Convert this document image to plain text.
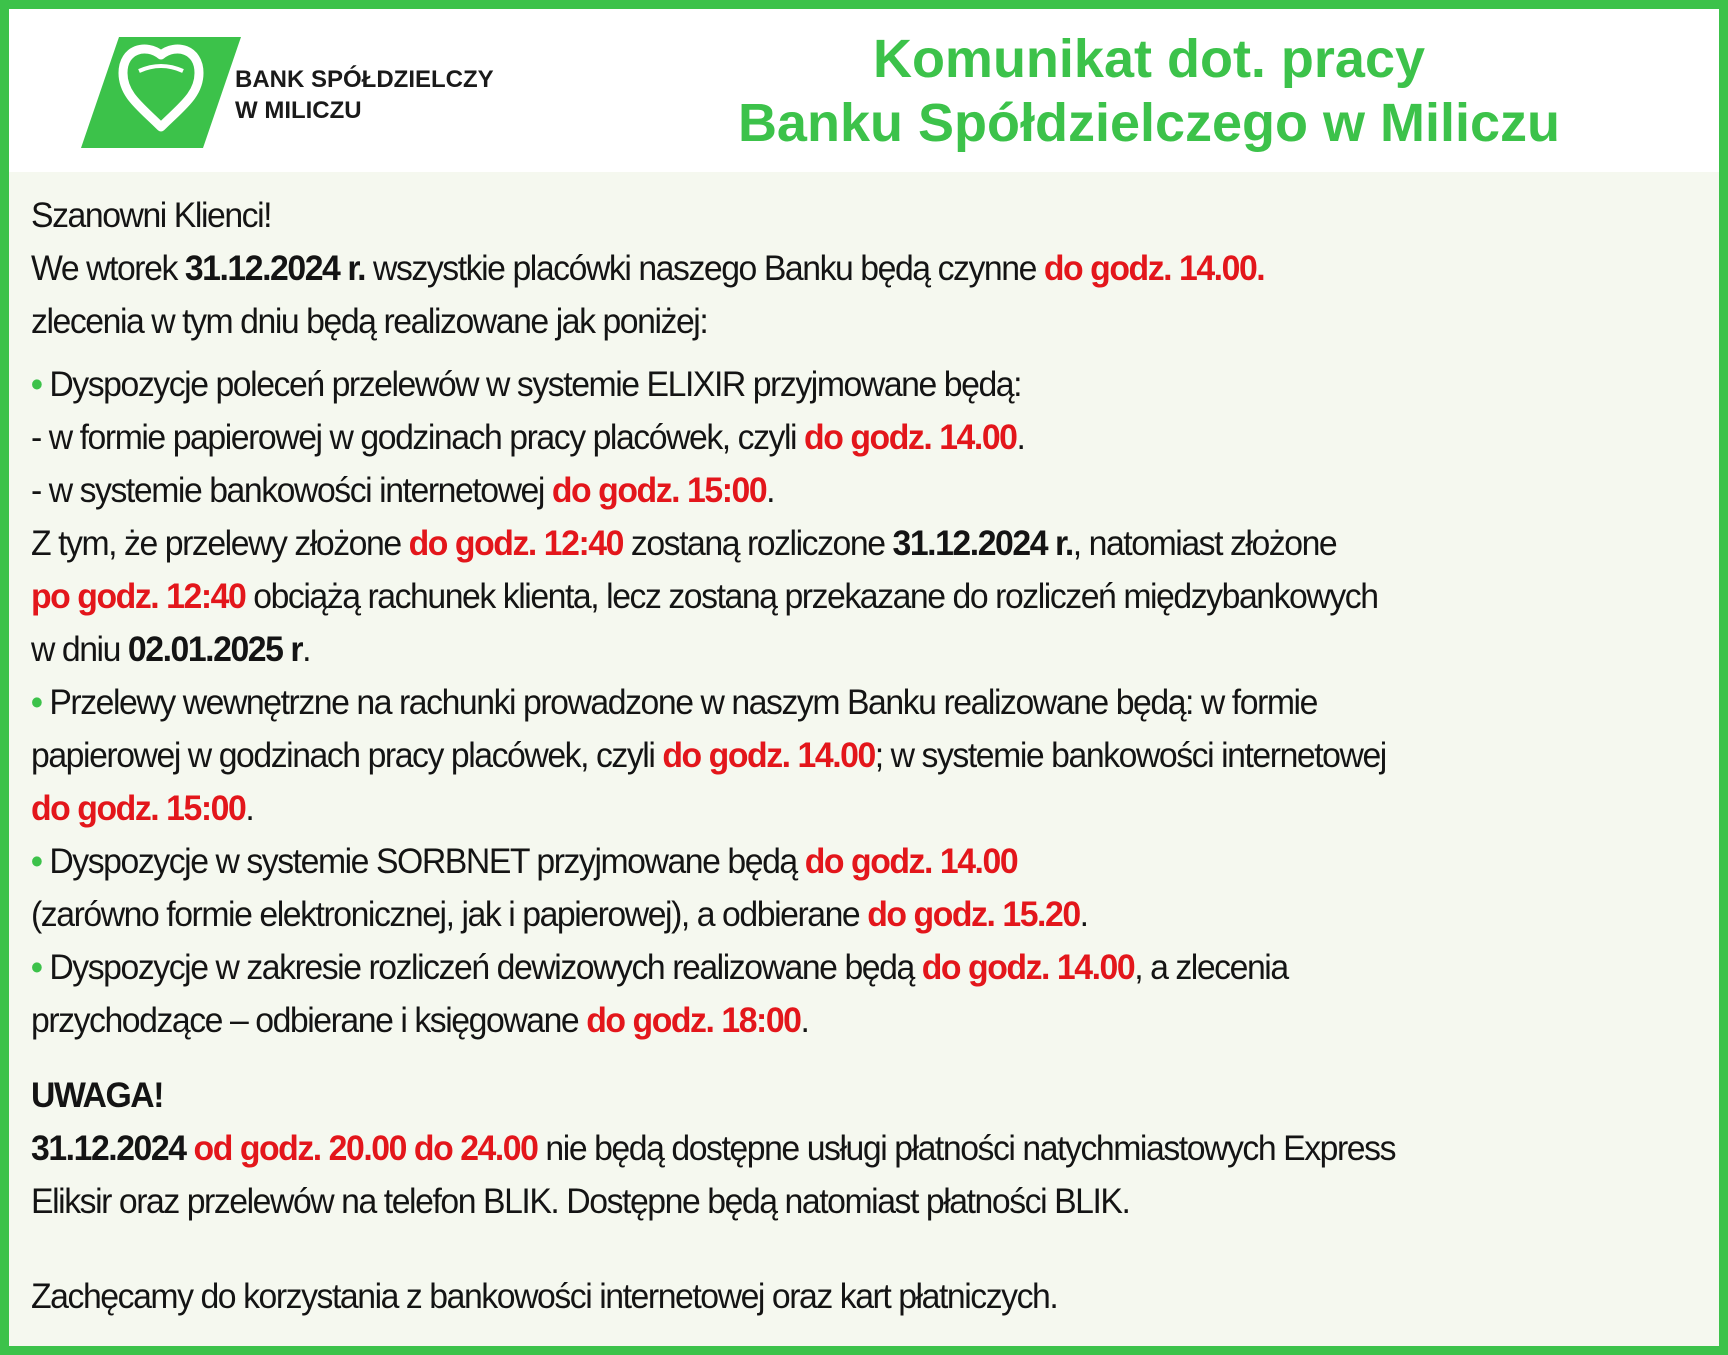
BANK SPÓŁDZIELCZY
W MILICZU
Komunikat dot. pracy
Banku Spółdzielczego w Miliczu
Szanowni Klienci!
We wtorek 31.12.2024 r. wszystkie placówki naszego Banku będą czynne do godz. 14.00.
zlecenia w tym dniu będą realizowane jak poniżej:
• Dyspozycje poleceń przelewów w systemie ELIXIR przyjmowane będą:
- w formie papierowej w godzinach pracy placówek, czyli do godz. 14.00.
- w systemie bankowości internetowej do godz. 15:00.
Z tym, że przelewy złożone do godz. 12:40 zostaną rozliczone 31.12.2024 r., natomiast złożone
po godz. 12:40 obciążą rachunek klienta, lecz zostaną przekazane do rozliczeń międzybankowych
w dniu 02.01.2025 r.
• Przelewy wewnętrzne na rachunki prowadzone w naszym Banku realizowane będą: w formie
papierowej w godzinach pracy placówek, czyli do godz. 14.00; w systemie bankowości internetowej
do godz. 15:00.
• Dyspozycje w systemie SORBNET przyjmowane będą do godz. 14.00
(zarówno formie elektronicznej, jak i papierowej), a odbierane do godz. 15.20.
• Dyspozycje w zakresie rozliczeń dewizowych realizowane będą do godz. 14.00, a zlecenia
przychodzące – odbierane i księgowane do godz. 18:00.
UWAGA!
31.12.2024 od godz. 20.00 do 24.00 nie będą dostępne usługi płatności natychmiastowych Express
Eliksir oraz przelewów na telefon BLIK. Dostępne będą natomiast płatności BLIK.
Zachęcamy do korzystania z bankowości internetowej oraz kart płatniczych.
